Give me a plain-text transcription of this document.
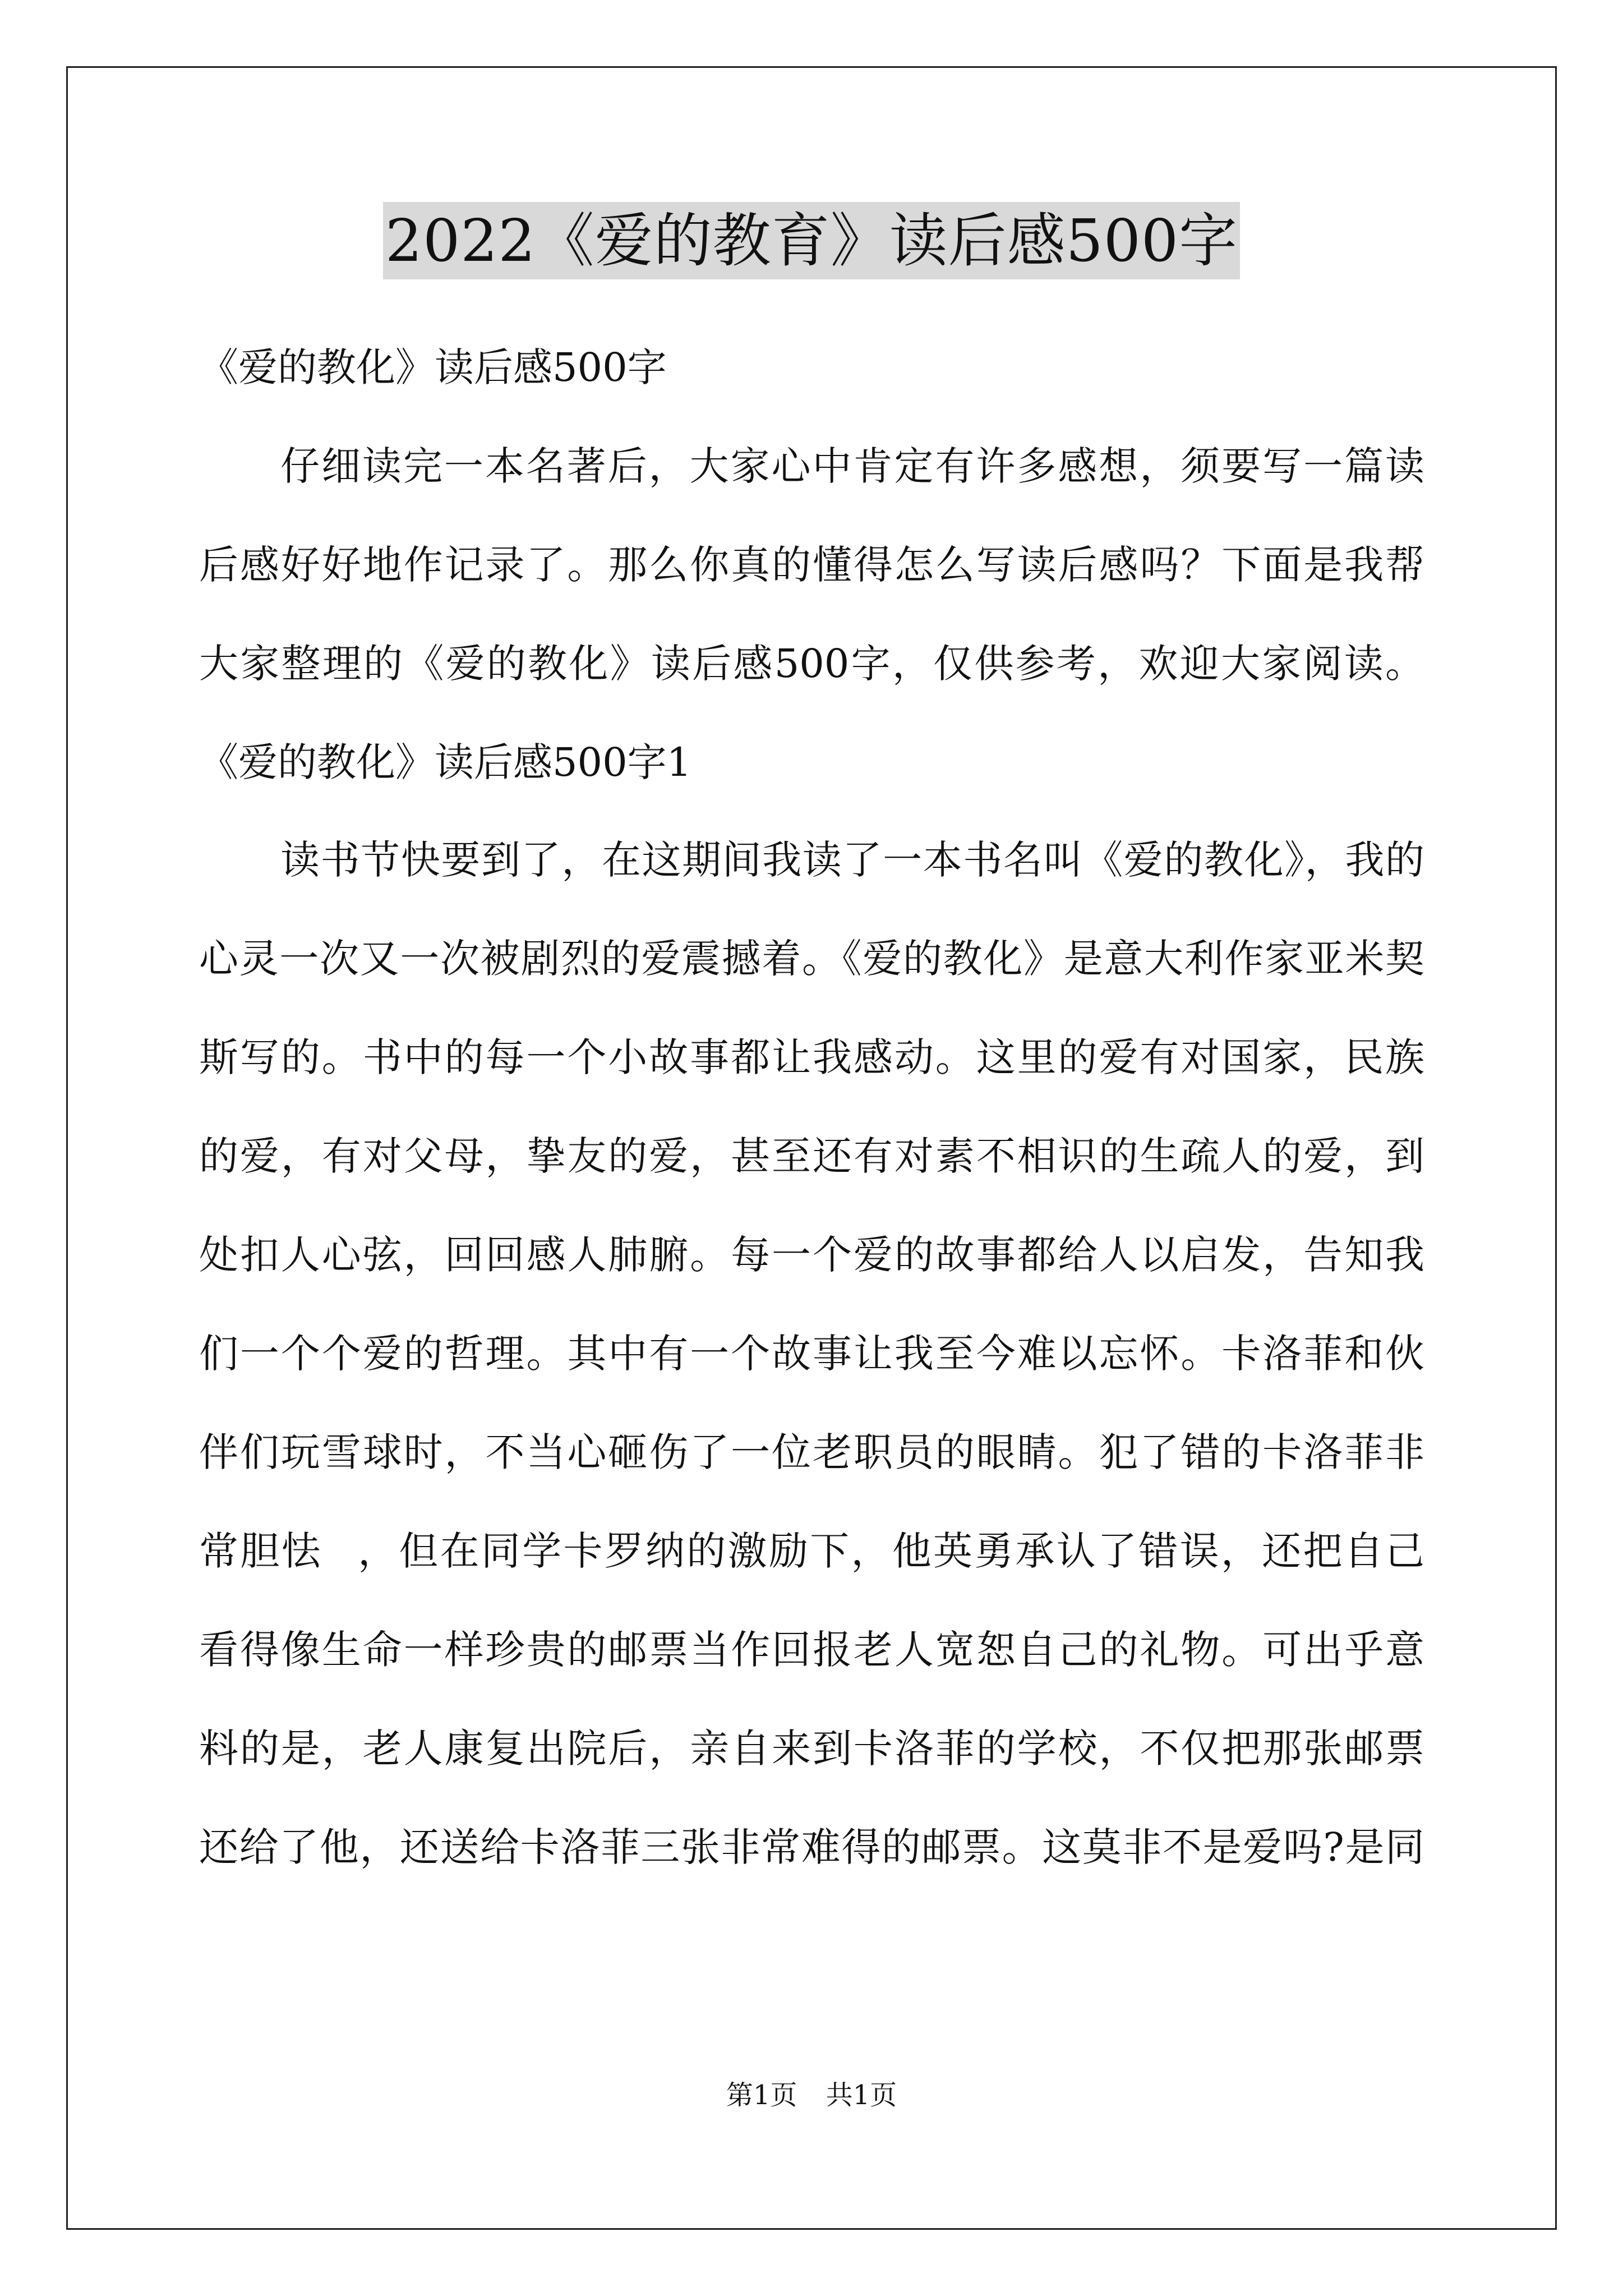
2022《爱的教育》读后感500字
《爱的教化》读后感500字
仔细读完一本名著后，大家心中肯定有许多感想，须要写一篇读
后感好好地作记录了。那么你真的懂得怎么写读后感吗？下面是我帮
大家整理的《爱的教化》读后感500字，仅供参考，欢迎大家阅读。
《爱的教化》读后感500字1
读书节快要到了，在这期间我读了一本书名叫《爱的教化》，我的
心灵一次又一次被剧烈的爱震撼着。《爱的教化》是意大利作家亚米契
斯写的。书中的每一个小故事都让我感动。这里的爱有对国家，民族
的爱，有对父母，挚友的爱，甚至还有对素不相识的生疏人的爱，到
处扣人心弦，回回感人肺腑。每一个爱的故事都给人以启发，告知我
们一个个爱的哲理。其中有一个故事让我至今难以忘怀。卡洛菲和伙
伴们玩雪球时，不当心砸伤了一位老职员的眼睛。犯了错的卡洛菲非
常胆怯 ，但在同学卡罗纳的激励下，他英勇承认了错误，还把自己
看得像生命一样珍贵的邮票当作回报老人宽恕自己的礼物。可出乎意
料的是，老人康复出院后，亲自来到卡洛菲的学校，不仅把那张邮票
还给了他，还送给卡洛菲三张非常难得的邮票。这莫非不是爱吗?是同
第1页 共1页
